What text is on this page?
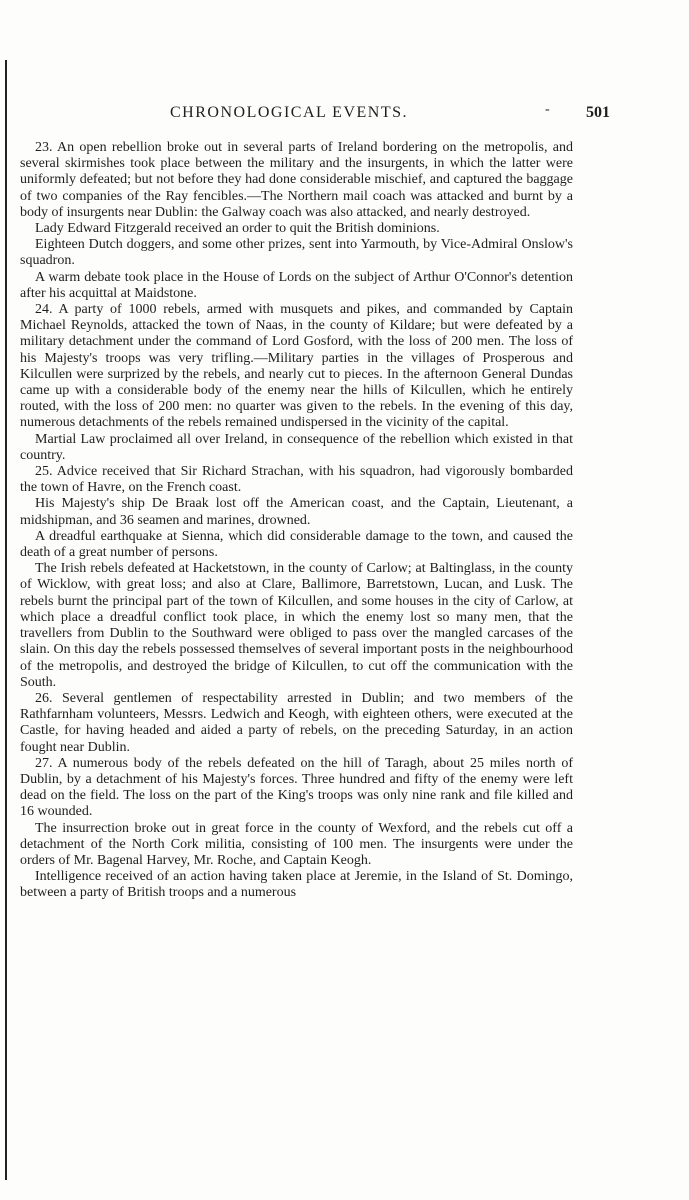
CHRONOLOGICAL EVENTS.	‐ 501

23. An open rebellion broke out in several parts of Ireland bordering on the metropolis, and several skirmishes took place between the military and the insurgents, in which the latter were uniformly defeated; but not before they had done considerable mischief, and captured the baggage of two companies of the Ray fencibles.—The Northern mail coach was attacked and burnt by a body of insurgents near Dublin: the Galway coach was also attacked, and nearly destroyed.

Lady Edward Fitzgerald received an order to quit the British dominions.

Eighteen Dutch doggers, and some other prizes, sent into Yarmouth, by Vice-Admiral Onslow's squadron.

A warm debate took place in the House of Lords on the subject of Arthur O'Connor's detention after his acquittal at Maidstone.

24. A party of 1000 rebels, armed with musquets and pikes, and commanded by Captain Michael Reynolds, attacked the town of Naas, in the county of Kildare; but were defeated by a military detachment under the command of Lord Gosford, with the loss of 200 men. The loss of his Majesty's troops was very trifling.—Military parties in the villages of Prosperous and Kilcullen were surprized by the rebels, and nearly cut to pieces. In the afternoon General Dundas came up with a considerable body of the enemy near the hills of Kilcullen, which he entirely routed, with the loss of 200 men: no quarter was given to the rebels. In the evening of this day, numerous detachments of the rebels remained undispersed in the vicinity of the capital.

Martial Law proclaimed all over Ireland, in consequence of the rebellion which existed in that country.

25. Advice received that Sir Richard Strachan, with his squadron, had vigorously bombarded the town of Havre, on the French coast.

His Majesty's ship De Braak lost off the American coast, and the Captain, Lieutenant, a midshipman, and 36 seamen and marines, drowned.

A dreadful earthquake at Sienna, which did considerable damage to the town, and caused the death of a great number of persons.

The Irish rebels defeated at Hacketstown, in the county of Carlow; at Baltinglass, in the county of Wicklow, with great loss; and also at Clare, Ballimore, Barretstown, Lucan, and Lusk. The rebels burnt the principal part of the town of Kilcullen, and some houses in the city of Carlow, at which place a dreadful conflict took place, in which the enemy lost so many men, that the travellers from Dublin to the Southward were obliged to pass over the mangled carcases of the slain. On this day the rebels possessed themselves of several important posts in the neighbourhood of the metropolis, and destroyed the bridge of Kilcullen, to cut off the communication with the South.

26. Several gentlemen of respectability arrested in Dublin; and two members of the Rathfarnham volunteers, Messrs. Ledwich and Keogh, with eighteen others, were executed at the Castle, for having headed and aided a party of rebels, on the preceding Saturday, in an action fought near Dublin.

27. A numerous body of the rebels defeated on the hill of Taragh, about 25 miles north of Dublin, by a detachment of his Majesty's forces. Three hundred and fifty of the enemy were left dead on the field. The loss on the part of the King's troops was only nine rank and file killed and 16 wounded.

The insurrection broke out in great force in the county of Wexford, and the rebels cut off a detachment of the North Cork militia, consisting of 100 men. The insurgents were under the orders of Mr. Bagenal Harvey, Mr. Roche, and Captain Keogh.

Intelligence received of an action having taken place at Jeremie, in the Island of St. Domingo, between a party of British troops and a numerous
